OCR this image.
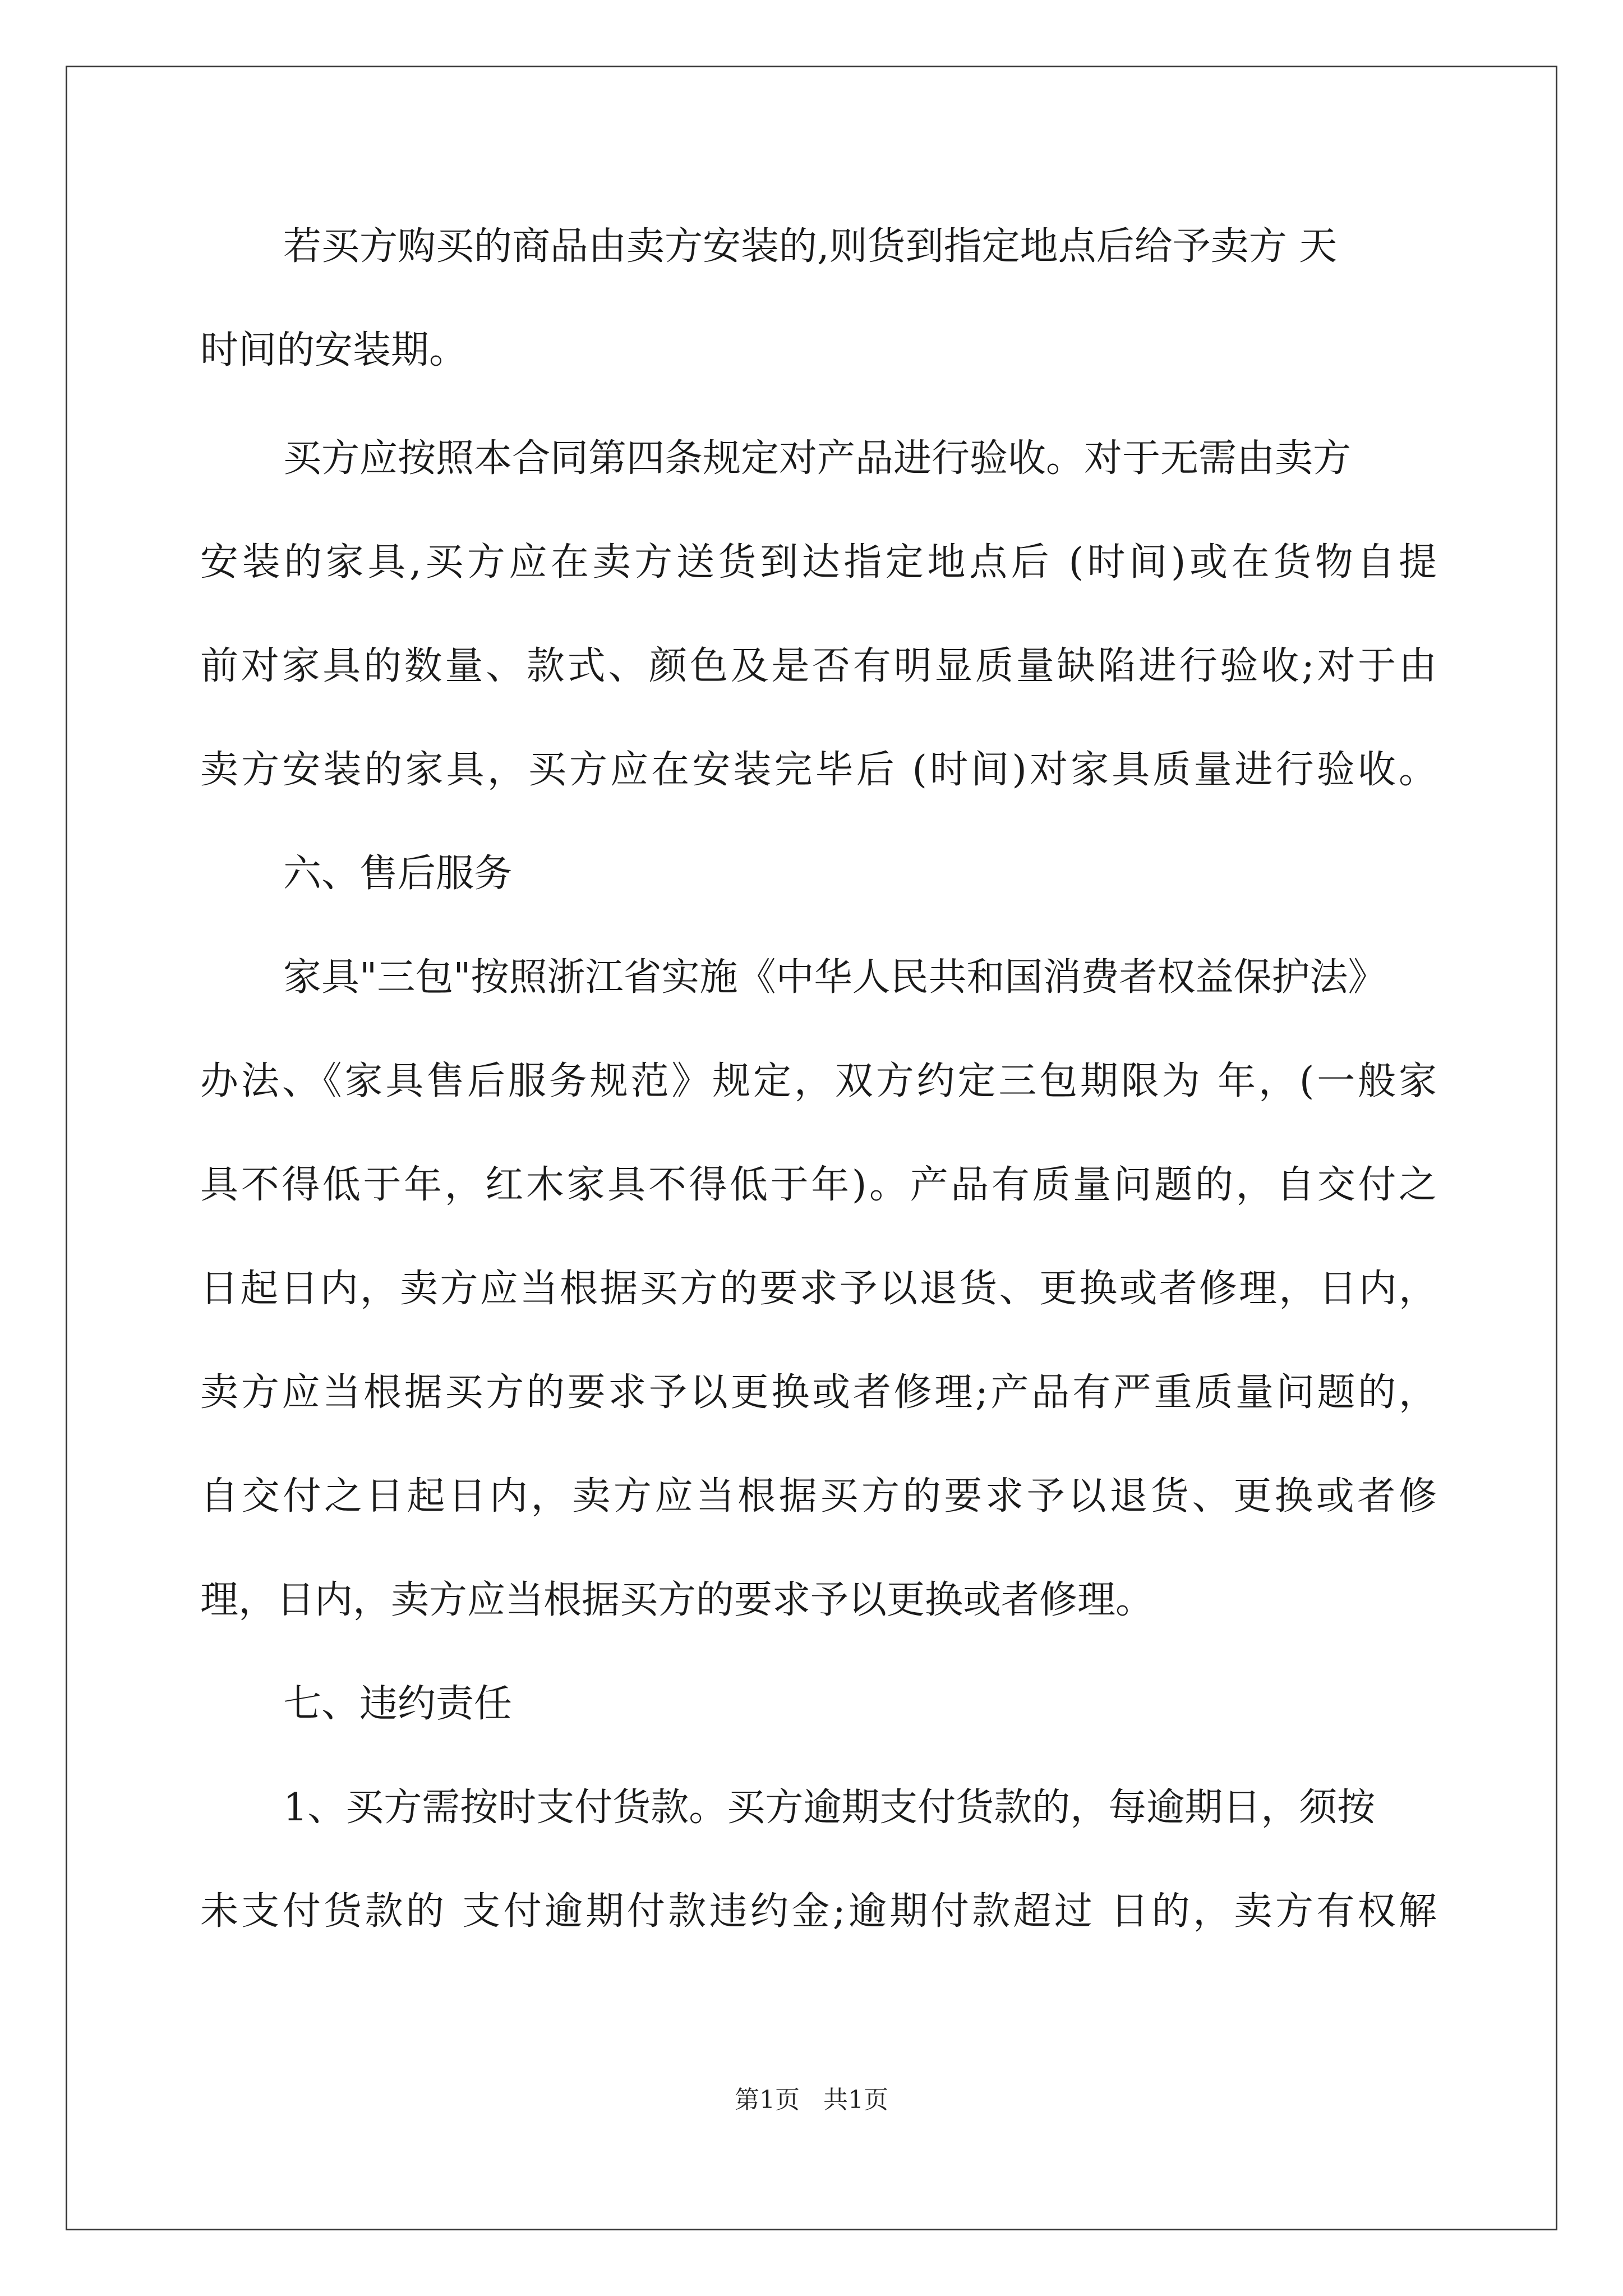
若买方购买的商品由卖方安装的,则货到指定地点后给予卖方 天
时间的安装期。
买方应按照本合同第四条规定对产品进行验收。对于无需由卖方
安装的家具,买方应在卖方送货到达指定地点后 (时间)或在货物自提
前对家具的数量、款式、颜色及是否有明显质量缺陷进行验收;对于由
卖方安装的家具，买方应在安装完毕后 (时间)对家具质量进行验收。
六、售后服务
家具"三包"按照浙江省实施《中华人民共和国消费者权益保护法》
办法、《家具售后服务规范》规定，双方约定三包期限为 年，(一般家
具不得低于年，红木家具不得低于年)。产品有质量问题的，自交付之
日起日内，卖方应当根据买方的要求予以退货、更换或者修理，日内，
卖方应当根据买方的要求予以更换或者修理;产品有严重质量问题的，
自交付之日起日内，卖方应当根据买方的要求予以退货、更换或者修
理，日内，卖方应当根据买方的要求予以更换或者修理。
七、违约责任
1、买方需按时支付货款。买方逾期支付货款的，每逾期日，须按
未支付货款的 支付逾期付款违约金;逾期付款超过 日的，卖方有权解
第1页 共1页
